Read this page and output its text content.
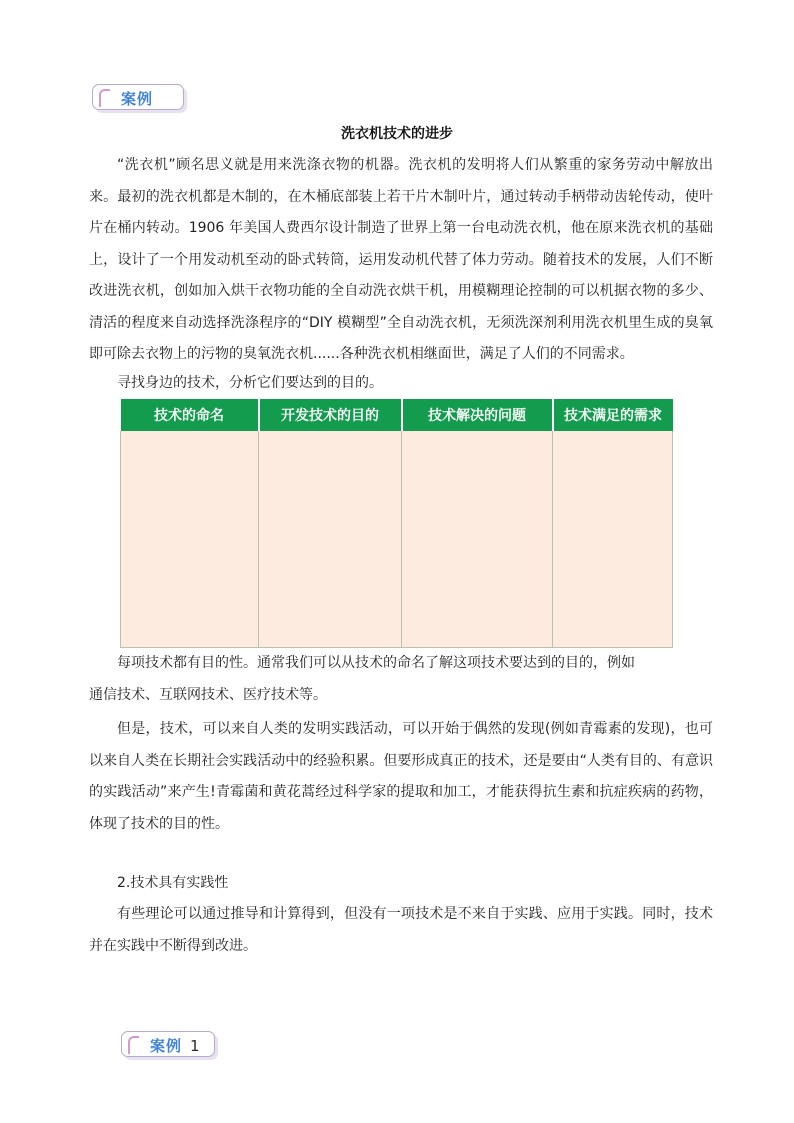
案例
洗衣机技术的进步

“洗衣机”顾名思义就是用来洗涤衣物的机器。洗衣机的发明将人们从繁重的家务劳动中解放出来。最初的洗衣机都是木制的，在木桶底部装上若干片木制叶片，通过转动手柄带动齿轮传动，使叶片在桶内转动。1906 年美国人费西尔设计制造了世界上第一台电动洗衣机，他在原来洗衣机的基础上，设计了一个用发动机至动的卧式转筒，运用发动机代替了体力劳动。随着技术的发展，人们不断改进洗衣机，创如加入烘干衣物功能的全自动洗衣烘干机，用模糊理论控制的可以机据衣物的多少、清活的程度来自动选择洗涤程序的“DIY 模糊型”全自动洗衣机，无须洗深剂利用洗衣机里生成的臭氧即可除去衣物上的污物的臭氧洗衣机......各种洗衣机相继面世，满足了人们的不同需求。

寻找身边的技术，分析它们要达到的目的。

技术的命名	开发技术的目的	技术解决的问题	技术满足的需求

每项技术都有目的性。通常我们可以从技术的命名了解这项技术要达到的目的，例如

通信技术、互联网技术、医疗技术等。

但是，技术，可以来自人类的发明实践活动，可以开始于偶然的发现(例如青霉素的发现)，也可以来自人类在长期社会实践活动中的经验积累。但要形成真正的技术，还是要由“人类有目的、有意识的实践活动”来产生!青霉菌和黄花蒿经过科学家的提取和加工，才能获得抗生素和抗症疾病的药物，体现了技术的目的性。

2.技术具有实践性

有些理论可以通过推导和计算得到，但没有一项技术是不来自于实践、应用于实践。同时，技术并在实践中不断得到改进。

案例 1
